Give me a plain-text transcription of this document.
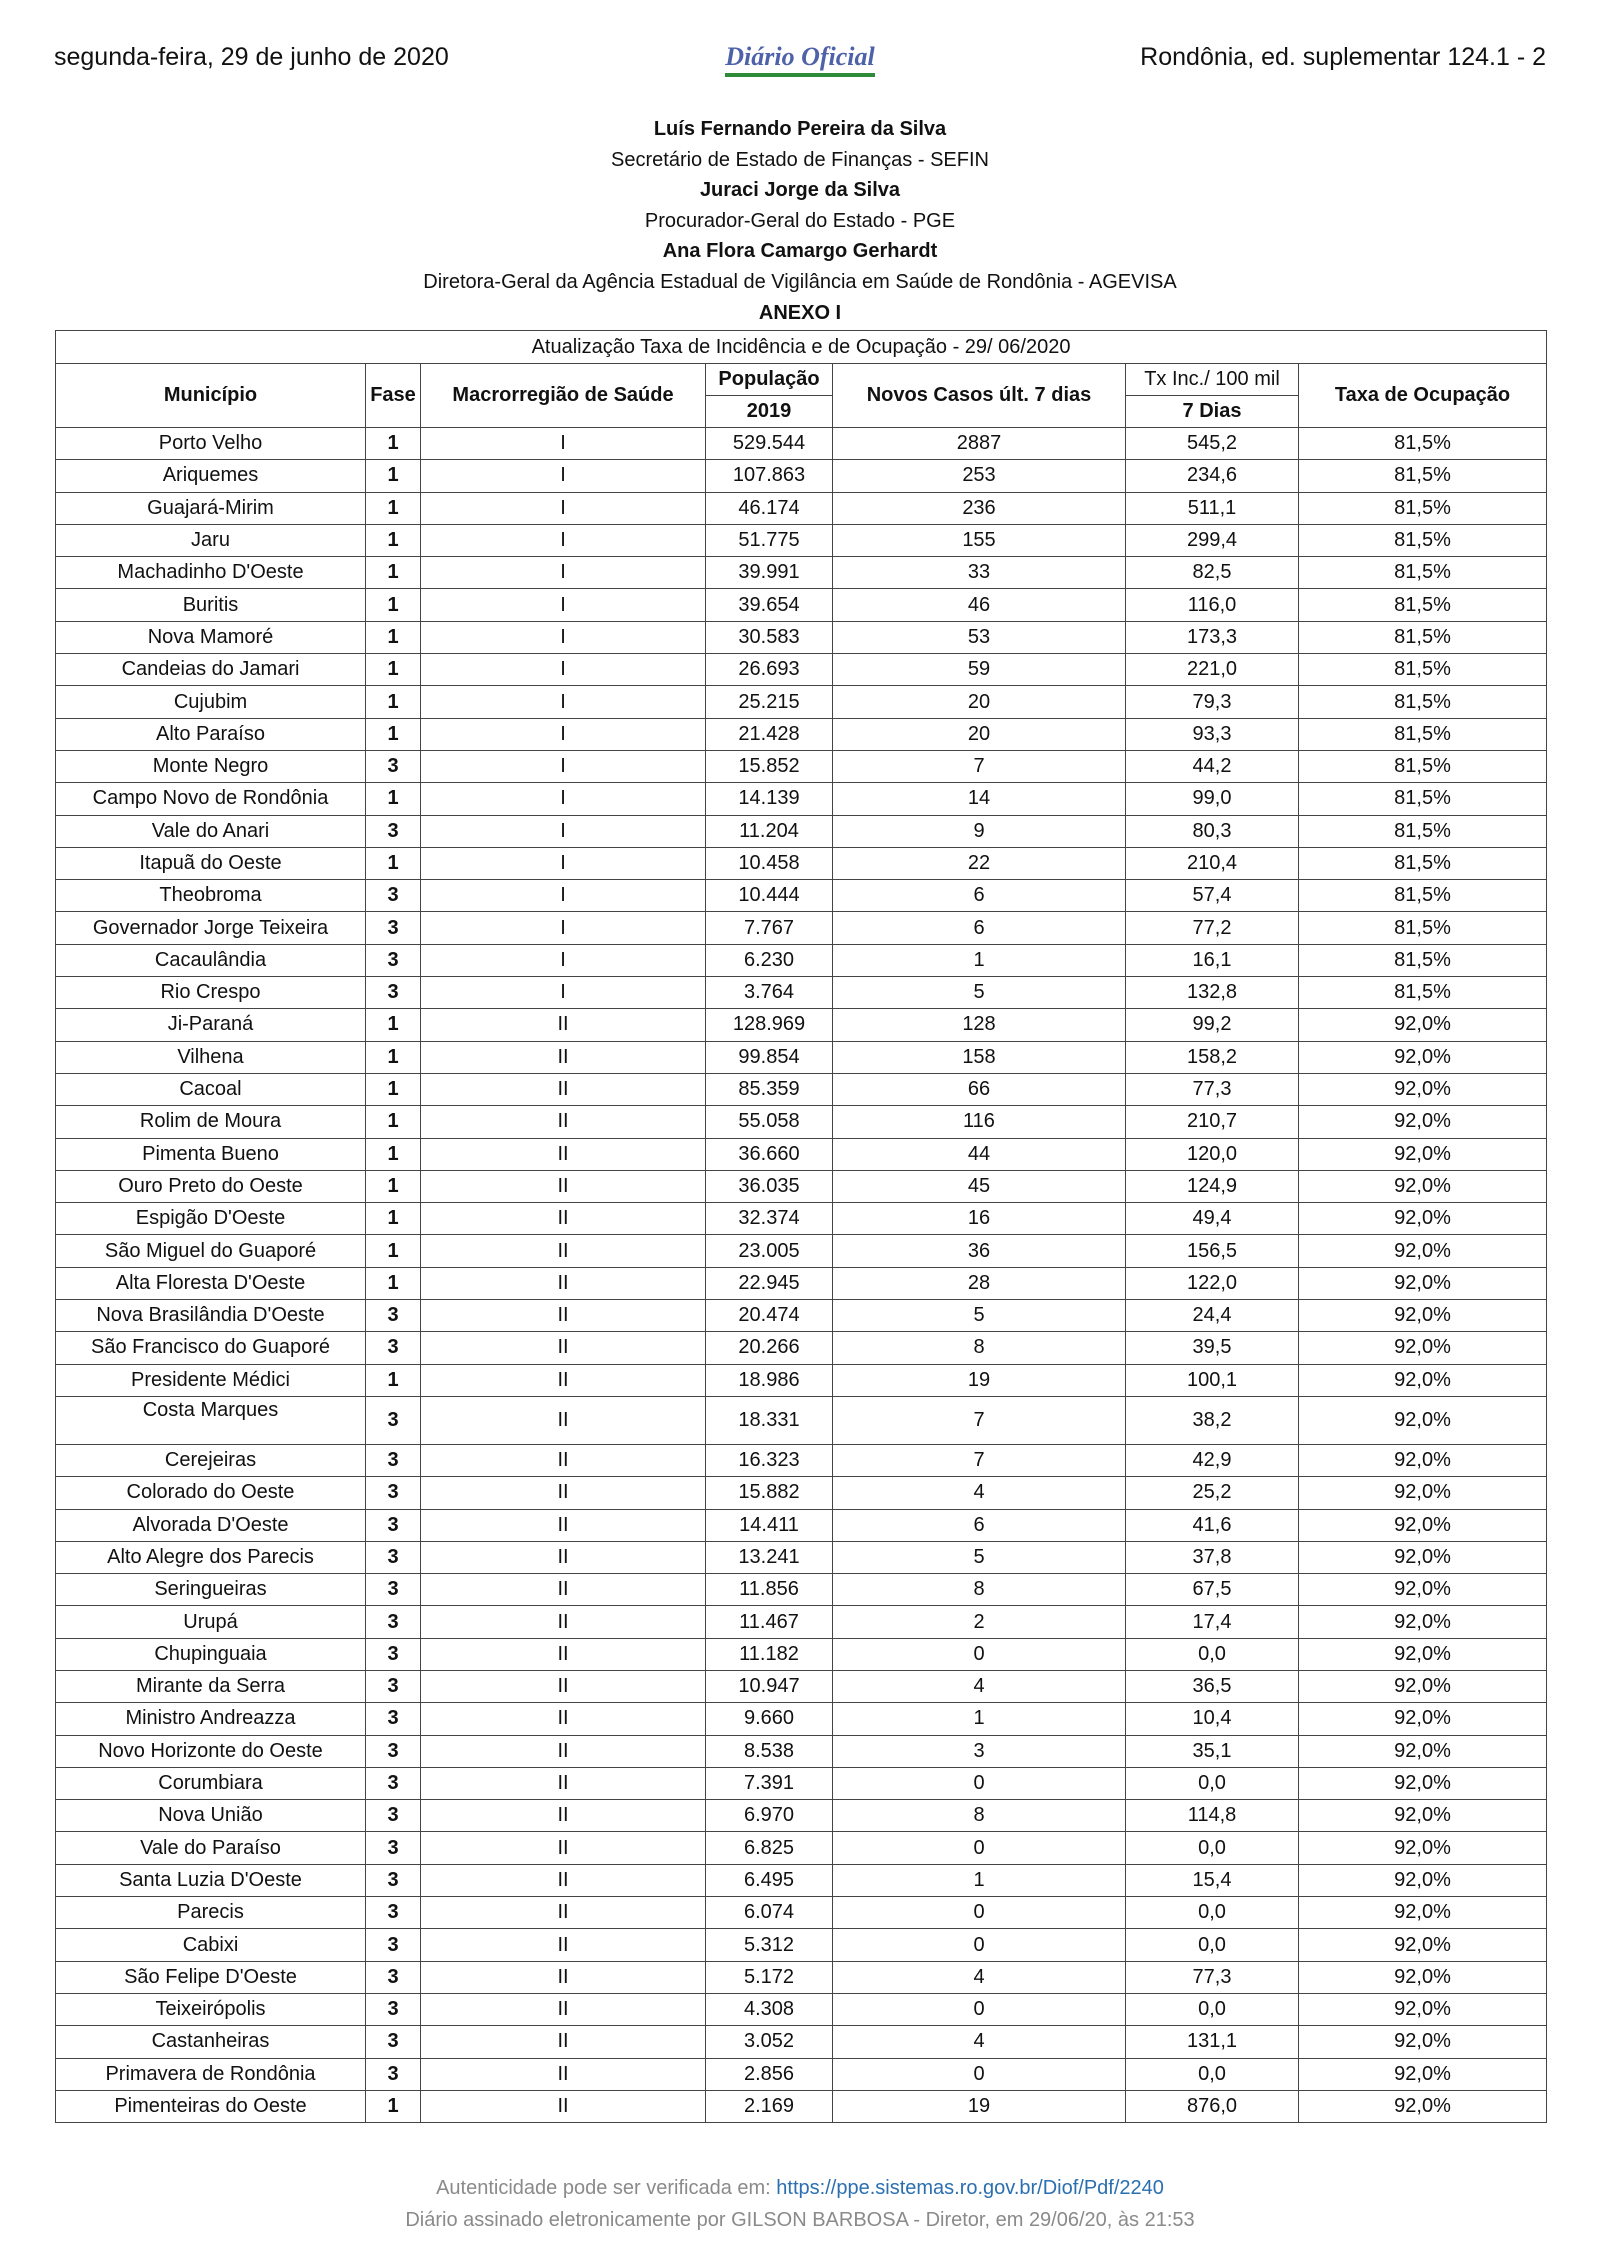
segunda-feira, 29 de junho de 2020	Diário Oficial	Rondônia, ed. suplementar 124.1 - 2
Luís Fernando Pereira da Silva
Secretário de Estado de Finanças - SEFIN
Juraci Jorge da Silva
Procurador-Geral do Estado - PGE
Ana Flora Camargo Gerhardt
Diretora-Geral da Agência Estadual de Vigilância em Saúde de Rondônia - AGEVISA
ANEXO I
Atualização Taxa de Incidência e de Ocupação - 29/ 06/2020						
Município	Fase	Macrorregião de Saúde	População	Novos Casos últ. 7 dias	Tx Inc./ 100 mil	Taxa de Ocupação
			2019		7 Dias	
Porto Velho	1	I	529.544	2887	545,2	81,5%
Ariquemes	1	I	107.863	253	234,6	81,5%
Guajará-Mirim	1	I	46.174	236	511,1	81,5%
Jaru	1	I	51.775	155	299,4	81,5%
Machadinho D'Oeste	1	I	39.991	33	82,5	81,5%
Buritis	1	I	39.654	46	116,0	81,5%
Nova Mamoré	1	I	30.583	53	173,3	81,5%
Candeias do Jamari	1	I	26.693	59	221,0	81,5%
Cujubim	1	I	25.215	20	79,3	81,5%
Alto Paraíso	1	I	21.428	20	93,3	81,5%
Monte Negro	3	I	15.852	7	44,2	81,5%
Campo Novo de Rondônia	1	I	14.139	14	99,0	81,5%
Vale do Anari	3	I	11.204	9	80,3	81,5%
Itapuã do Oeste	1	I	10.458	22	210,4	81,5%
Theobroma	3	I	10.444	6	57,4	81,5%
Governador Jorge Teixeira	3	I	7.767	6	77,2	81,5%
Cacaulândia	3	I	6.230	1	16,1	81,5%
Rio Crespo	3	I	3.764	5	132,8	81,5%
Ji-Paraná	1	II	128.969	128	99,2	92,0%
Vilhena	1	II	99.854	158	158,2	92,0%
Cacoal	1	II	85.359	66	77,3	92,0%
Rolim de Moura	1	II	55.058	116	210,7	92,0%
Pimenta Bueno	1	II	36.660	44	120,0	92,0%
Ouro Preto do Oeste	1	II	36.035	45	124,9	92,0%
Espigão D'Oeste	1	II	32.374	16	49,4	92,0%
São Miguel do Guaporé	1	II	23.005	36	156,5	92,0%
Alta Floresta D'Oeste	1	II	22.945	28	122,0	92,0%
Nova Brasilândia D'Oeste	3	II	20.474	5	24,4	92,0%
São Francisco do Guaporé	3	II	20.266	8	39,5	92,0%
Presidente Médici	1	II	18.986	19	100,1	92,0%
Costa Marques	3	II	18.331	7	38,2	92,0%
Cerejeiras	3	II	16.323	7	42,9	92,0%
Colorado do Oeste	3	II	15.882	4	25,2	92,0%
Alvorada D'Oeste	3	II	14.411	6	41,6	92,0%
Alto Alegre dos Parecis	3	II	13.241	5	37,8	92,0%
Seringueiras	3	II	11.856	8	67,5	92,0%
Urupá	3	II	11.467	2	17,4	92,0%
Chupinguaia	3	II	11.182	0	0,0	92,0%
Mirante da Serra	3	II	10.947	4	36,5	92,0%
Ministro Andreazza	3	II	9.660	1	10,4	92,0%
Novo Horizonte do Oeste	3	II	8.538	3	35,1	92,0%
Corumbiara	3	II	7.391	0	0,0	92,0%
Nova União	3	II	6.970	8	114,8	92,0%
Vale do Paraíso	3	II	6.825	0	0,0	92,0%
Santa Luzia D'Oeste	3	II	6.495	1	15,4	92,0%
Parecis	3	II	6.074	0	0,0	92,0%
Cabixi	3	II	5.312	0	0,0	92,0%
São Felipe D'Oeste	3	II	5.172	4	77,3	92,0%
Teixeirópolis	3	II	4.308	0	0,0	92,0%
Castanheiras	3	II	3.052	4	131,1	92,0%
Primavera de Rondônia	3	II	2.856	0	0,0	92,0%
Pimenteiras do Oeste	1	II	2.169	19	876,0	92,0%
Autenticidade pode ser verificada em: https://ppe.sistemas.ro.gov.br/Diof/Pdf/2240
Diário assinado eletronicamente por GILSON BARBOSA - Diretor, em 29/06/20, às 21:53
